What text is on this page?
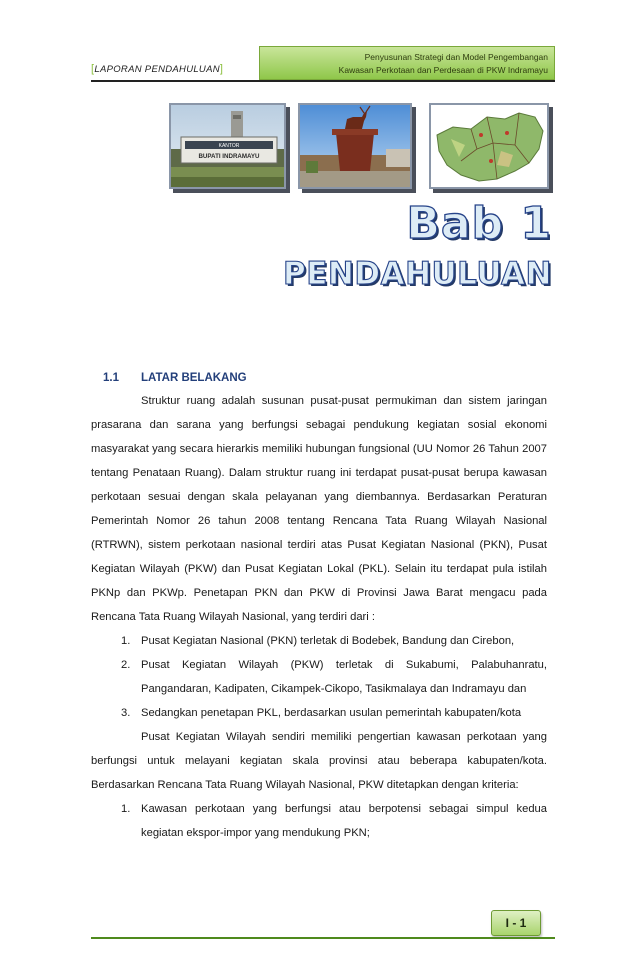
[ LAPORAN PENDAHULUAN ]
Penyusunan Strategi dan Model Pengembangan
Kawasan Perkotaan dan Perdesaan di PKW Indramayu
KANTOR
BUPATI INDRAMAYU
Bab 1
PENDAHULUAN
1.1 LATAR BELAKANG

Struktur ruang adalah susunan pusat-pusat permukiman dan sistem jaringan prasarana dan sarana yang berfungsi sebagai pendukung kegiatan sosial ekonomi masyarakat yang secara hierarkis memiliki hubungan fungsional (UU Nomor 26 Tahun 2007 tentang Penataan Ruang). Dalam struktur ruang ini terdapat pusat-pusat berupa kawasan perkotaan sesuai dengan skala pelayanan yang diembannya. Berdasarkan Peraturan Pemerintah Nomor 26 tahun 2008 tentang Rencana Tata Ruang Wilayah Nasional (RTRWN), sistem perkotaan nasional terdiri atas Pusat Kegiatan Nasional (PKN), Pusat Kegiatan Wilayah (PKW) dan Pusat Kegiatan Lokal (PKL). Selain itu terdapat pula istilah PKNp dan PKWp. Penetapan PKN dan PKW di Provinsi Jawa Barat mengacu pada Rencana Tata Ruang Wilayah Nasional, yang terdiri dari :

1. Pusat Kegiatan Nasional (PKN) terletak di Bodebek, Bandung dan Cirebon,
2. Pusat Kegiatan Wilayah (PKW) terletak di Sukabumi, Palabuhanratu, Pangandaran, Kadipaten, Cikampek-Cikopo, Tasikmalaya dan Indramayu dan
3. Sedangkan penetapan PKL, berdasarkan usulan pemerintah kabupaten/kota

Pusat Kegiatan Wilayah sendiri memiliki pengertian kawasan perkotaan yang berfungsi untuk melayani kegiatan skala provinsi atau beberapa kabupaten/kota. Berdasarkan Rencana Tata Ruang Wilayah Nasional, PKW ditetapkan dengan kriteria:

1. Kawasan perkotaan yang berfungsi atau berpotensi sebagai simpul kedua kegiatan ekspor-impor yang mendukung PKN;
I - 1
